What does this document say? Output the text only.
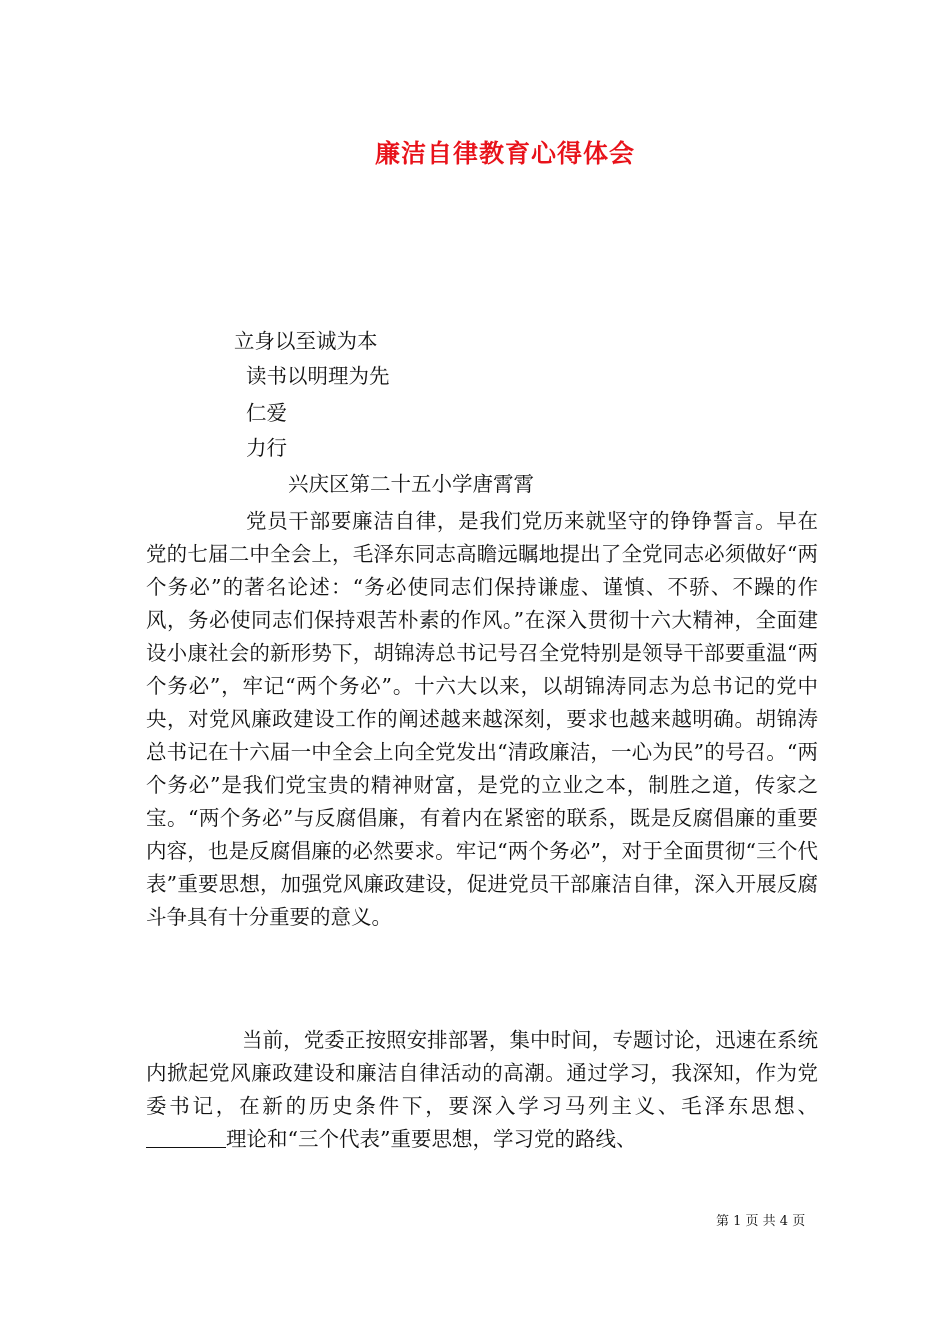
廉洁自律教育心得体会
立身以至诚为本
读书以明理为先
仁爱
力行
兴庆区第二十五小学唐霄霄

党员干部要廉洁自律，是我们党历来就坚守的铮铮誓言。早在党的七届二中全会上，毛泽东同志高瞻远瞩地提出了全党同志必须做好“两个务必”的著名论述：“务必使同志们保持谦虚、谨慎、不骄、不躁的作风，务必使同志们保持艰苦朴素的作风。”在深入贯彻十六大精神，全面建设小康社会的新形势下，胡锦涛总书记号召全党特别是领导干部要重温“两个务必”，牢记“两个务必”。十六大以来，以胡锦涛同志为总书记的党中央，对党风廉政建设工作的阐述越来越深刻，要求也越来越明确。胡锦涛总书记在十六届一中全会上向全党发出“清政廉洁，一心为民”的号召。“两个务必”是我们党宝贵的精神财富，是党的立业之本，制胜之道，传家之宝。“两个务必”与反腐倡廉，有着内在紧密的联系，既是反腐倡廉的重要内容，也是反腐倡廉的必然要求。牢记“两个务必”，对于全面贯彻“三个代表”重要思想，加强党风廉政建设，促进党员干部廉洁自律，深入开展反腐斗争具有十分重要的意义。

当前，党委正按照安排部署，集中时间，专题讨论，迅速在系统内掀起党风廉政建设和廉洁自律活动的高潮。通过学习，我深知，作为党委书记，在新的历史条件下，要深入学习马列主义、毛泽东思想、理论和“三个代表”重要思想，学习党的路线、

第 1 页 共 4 页
